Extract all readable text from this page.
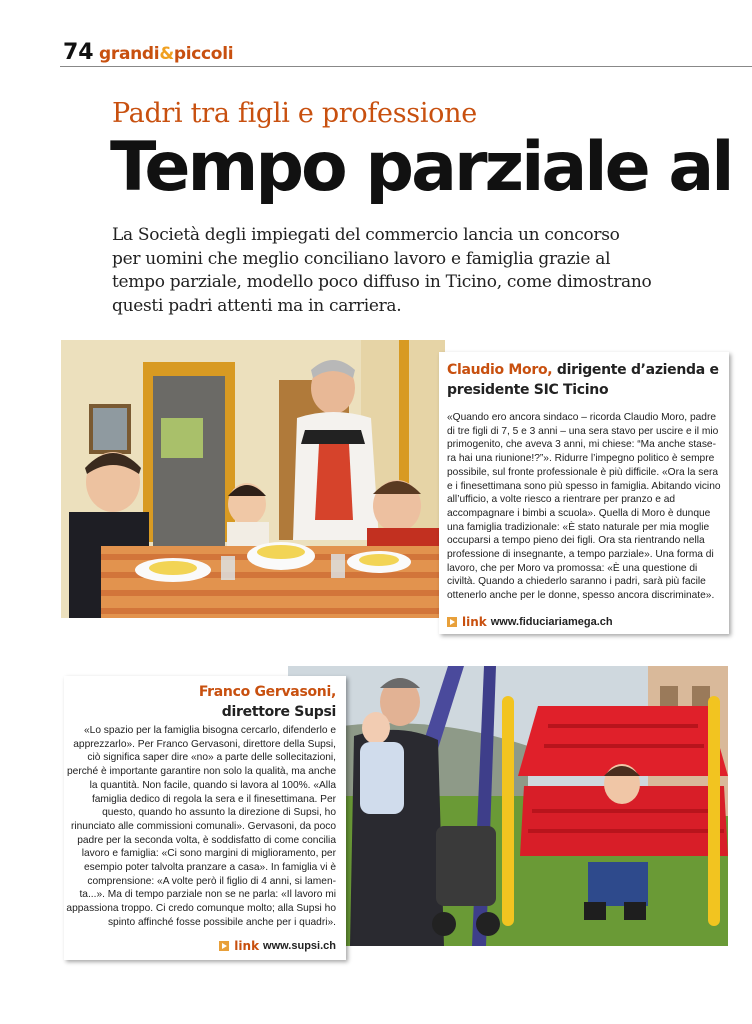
74 grandi&piccoli
Padri tra figli e professione
Tempo parziale al
La Società degli impiegati del commercio lancia un concorso per uomini che meglio conciliano lavoro e famiglia grazie al tempo parziale, modello poco diffuso in Ticino, come dimostrano questi padri attenti ma in carriera.
Claudio Moro, dirigente d’azienda e presidente SIC Ticino
«Quando ero ancora sindaco – ricorda Claudio Moro, padre di tre figli di 7, 5 e 3 anni – una sera stavo per uscire e il mio primogenito, che aveva 3 anni, mi chiese: “Ma anche stase-ra hai una riunione!?”». Ridurre l’impegno politico è sempre possibile, sul fronte professionale è più difficile. «Ora la sera e i finesettimana sono più spesso in famiglia. Abitando vicino all’ufficio, a volte riesco a rientrare per pranzo e ad accompagnare i bimbi a scuola». Quella di Moro è dunque una famiglia tradizionale: «È stato naturale per mia moglie occuparsi a tempo pieno dei figli. Ora sta rientrando nella professione di insegnante, a tempo parziale». Una forma di lavoro, che per Moro va promossa: «È una questione di civiltà. Quando a chiederlo saranno i padri, sarà più facile ottenerlo anche per le donne, spesso ancora discriminate».
link www.fiduciariamega.ch
Franco Gervasoni,
direttore Supsi
«Lo spazio per la famiglia bisogna cercarlo, difenderlo e apprezzarlo». Per Franco Gervasoni, direttore della Supsi, ciò significa saper dire «no» a parte delle sollecitazioni, perché è importante garantire non solo la qualità, ma anche la quantità. Non facile, quando si lavora al 100%. «Alla famiglia dedico di regola la sera e il finesettimana. Per questo, quando ho assunto la direzione di Supsi, ho rinunciato alle commissioni comunali». Gervasoni, da poco padre per la seconda volta, è soddisfatto di come concilia lavoro e famiglia: «Ci sono margini di miglioramento, per esempio poter talvolta pranzare a casa». In famiglia vi è comprensione: «A volte però il figlio di 4 anni, si lamen-ta...». Ma di tempo parziale non se ne parla: «Il lavoro mi appassiona troppo. Ci credo comunque molto; alla Supsi ho spinto affinché fosse possibile anche per i quadri».
link www.supsi.ch
